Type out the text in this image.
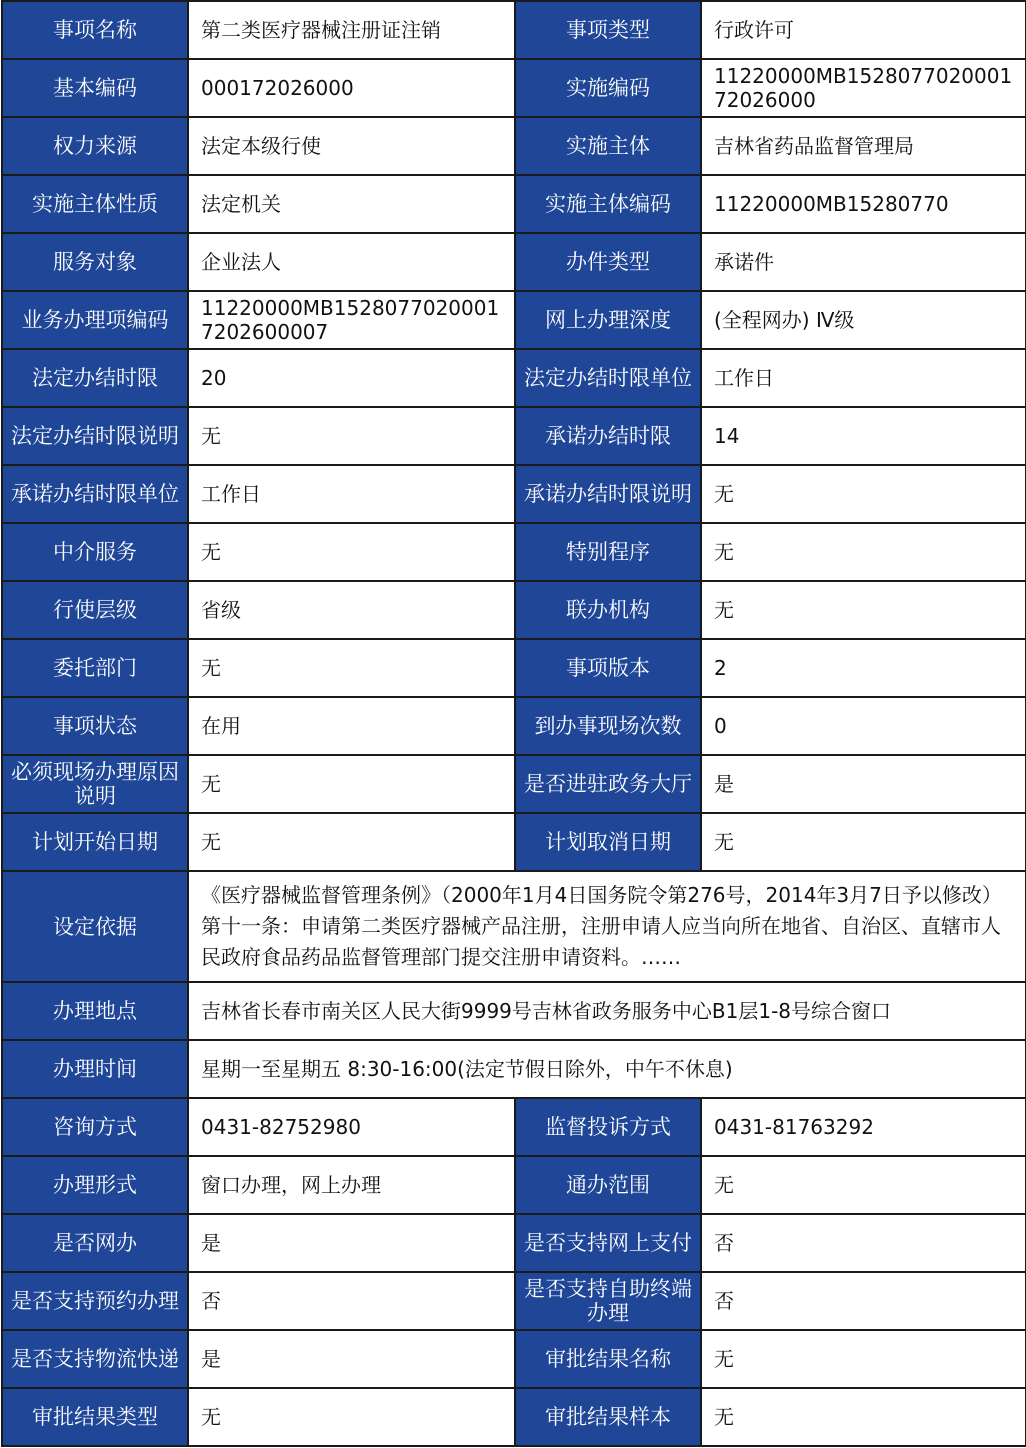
事项名称	第二类医疗器械注册证注销	事项类型	行政许可
基本编码	000172026000	实施编码	11220000MB152807702000172026000
权力来源	法定本级行使	实施主体	吉林省药品监督管理局
实施主体性质	法定机关	实施主体编码	11220000MB15280770
服务对象	企业法人	办件类型	承诺件
业务办理项编码	11220000MB15280770200017202600007	网上办理深度	(全程网办) Ⅳ级
法定办结时限	20	法定办结时限单位	工作日
法定办结时限说明	无	承诺办结时限	14
承诺办结时限单位	工作日	承诺办结时限说明	无
中介服务	无	特别程序	无
行使层级	省级	联办机构	无
委托部门	无	事项版本	2
事项状态	在用	到办事现场次数	0
必须现场办理原因说明	无	是否进驻政务大厅	是
计划开始日期	无	计划取消日期	无
设定依据	《医疗器械监督管理条例》（2000年1月4日国务院令第276号，2014年3月7日予以修改）第十一条：申请第二类医疗器械产品注册，注册申请人应当向所在地省、自治区、直辖市人民政府食品药品监督管理部门提交注册申请资料。……		
办理地点	吉林省长春市南关区人民大街9999号吉林省政务服务中心B1层1-8号综合窗口		
办理时间	星期一至星期五 8:30-16:00(法定节假日除外，中午不休息)		
咨询方式	0431-82752980	监督投诉方式	0431-81763292
办理形式	窗口办理，网上办理	通办范围	无
是否网办	是	是否支持网上支付	否
是否支持预约办理	否	是否支持自助终端办理	否
是否支持物流快递	是	审批结果名称	无
审批结果类型	无	审批结果样本	无
